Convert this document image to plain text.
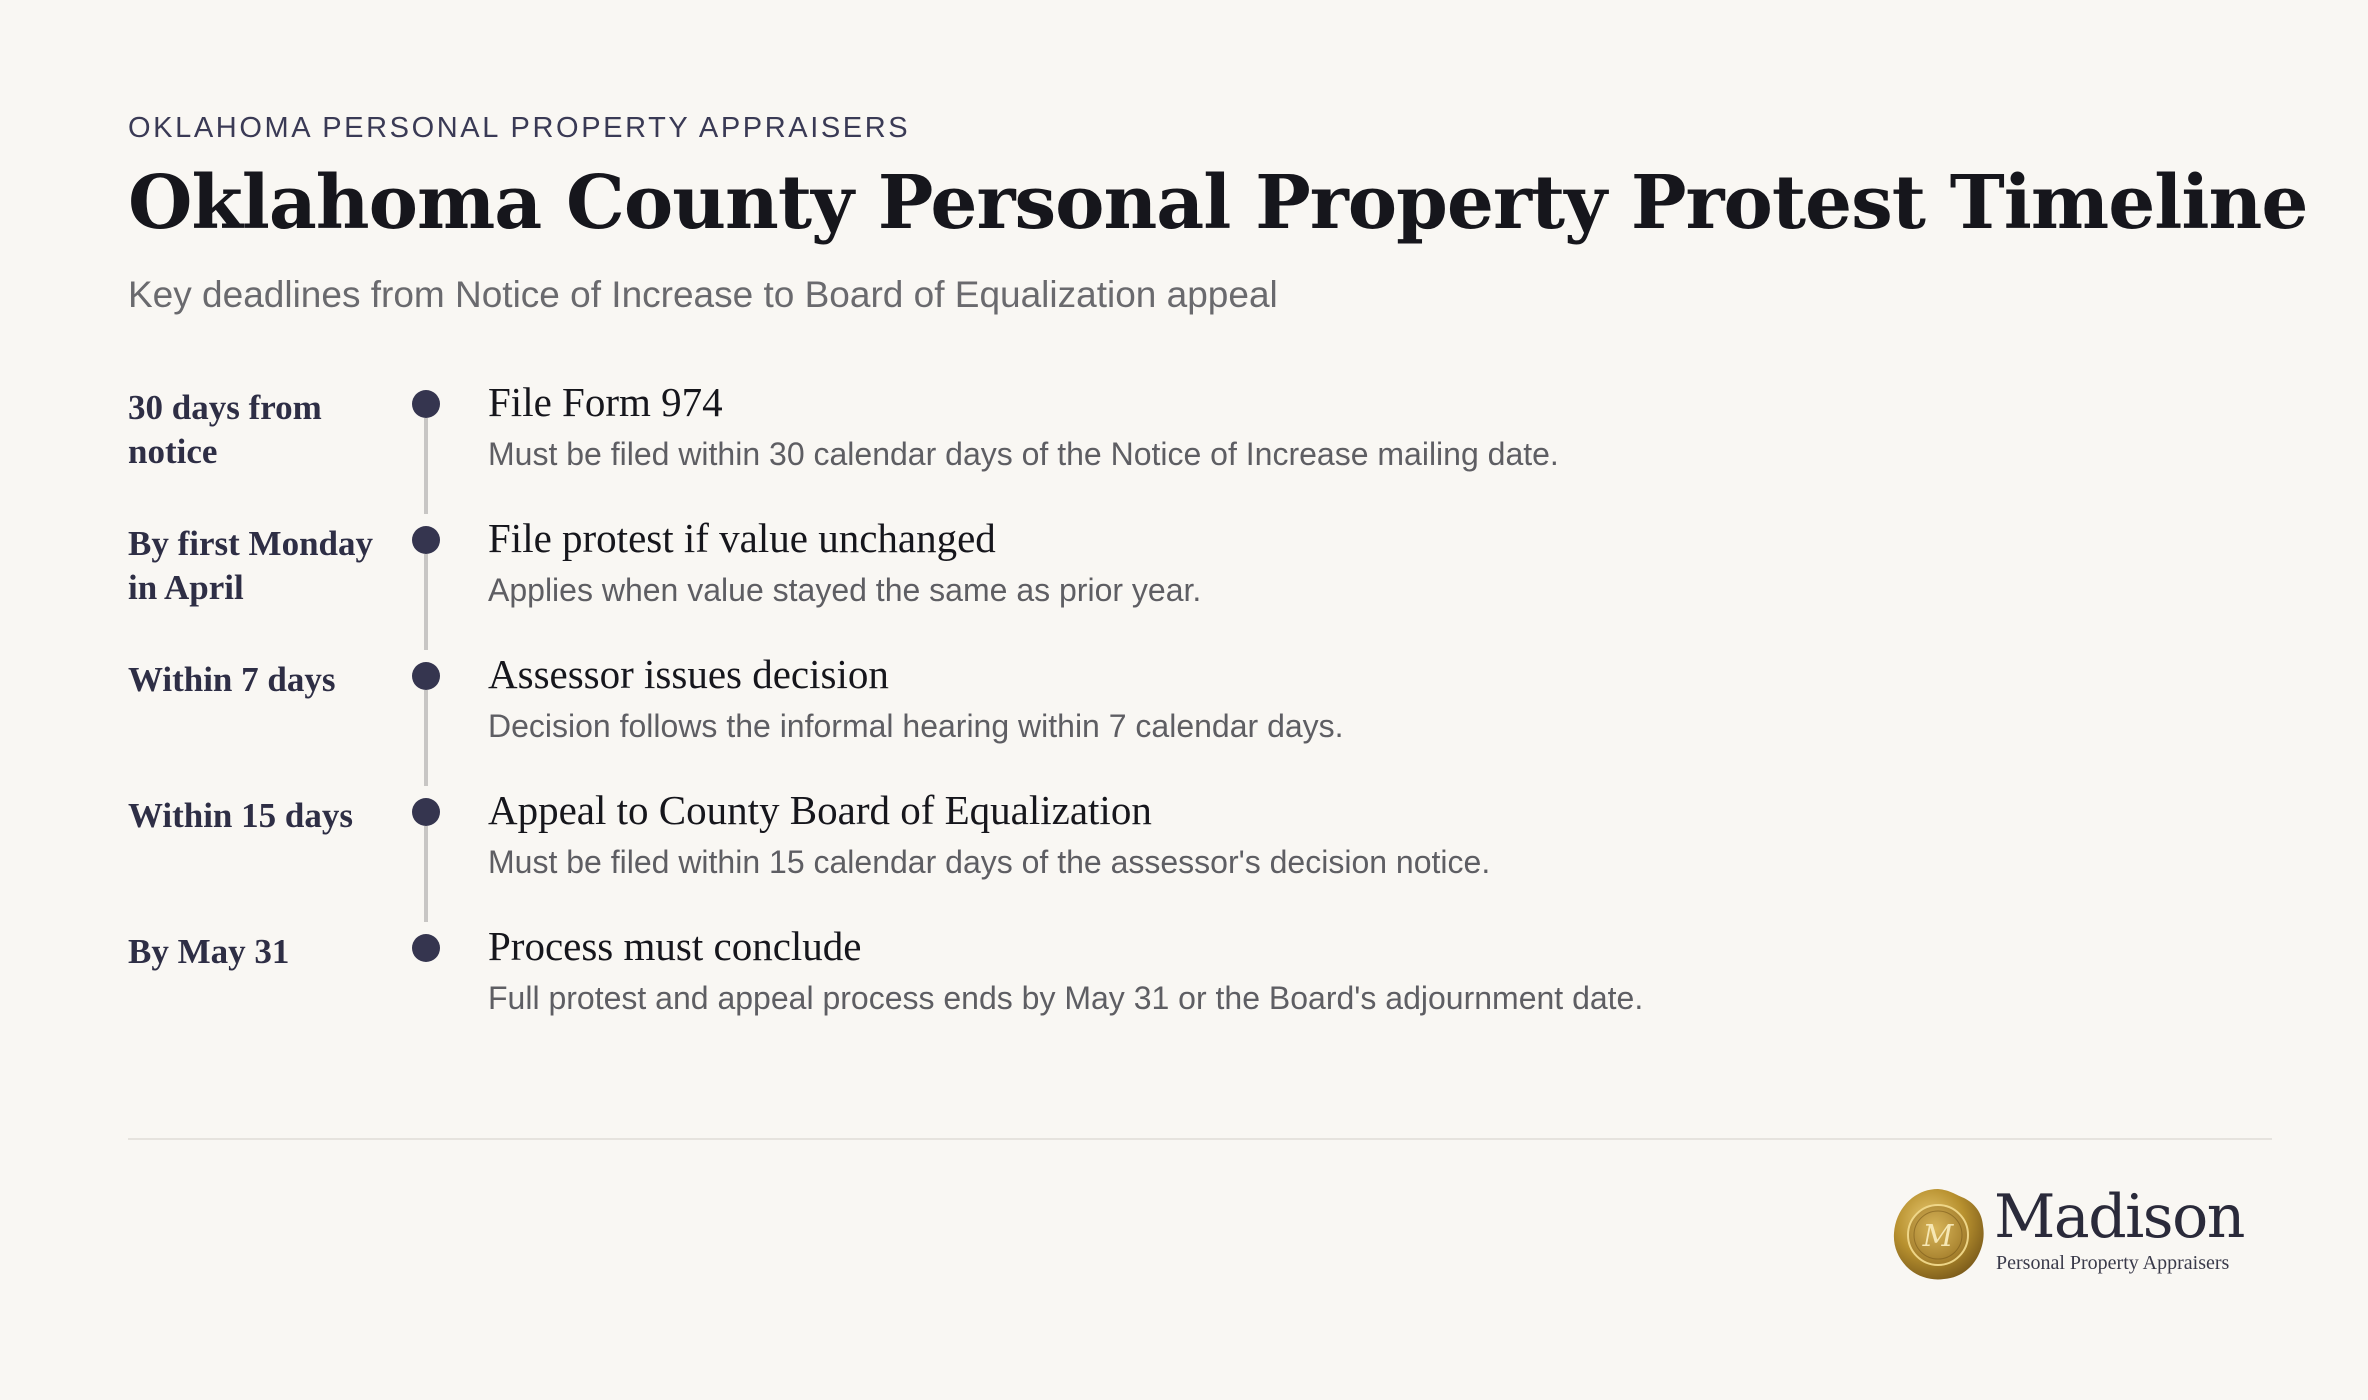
OKLAHOMA PERSONAL PROPERTY APPRAISERS
Oklahoma County Personal Property Protest Timeline
Key deadlines from Notice of Increase to Board of Equalization appeal
30 days from notice
File Form 974
Must be filed within 30 calendar days of the Notice of Increase mailing date.
By first Monday in April
File protest if value unchanged
Applies when value stayed the same as prior year.
Within 7 days	Assessor issues decision
Decision follows the informal hearing within 7 calendar days.
Within 15 days	Appeal to County Board of Equalization
Must be filed within 15 calendar days of the assessor's decision notice.
By May 31	Process must conclude
Full protest and appeal process ends by May 31 or the Board's adjournment date.
M Madison
Personal Property Appraisers
